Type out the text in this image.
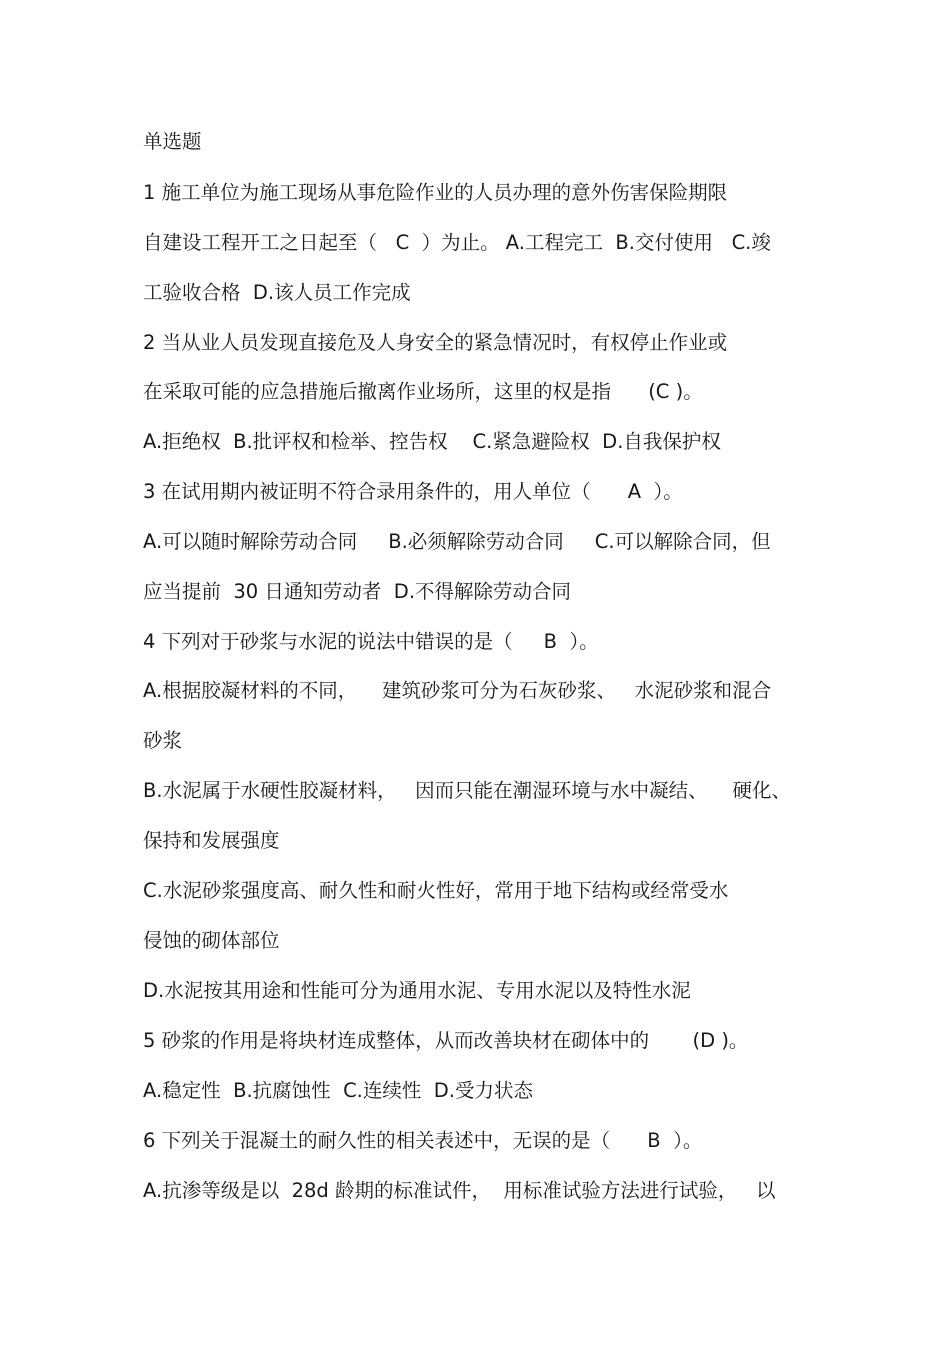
单选题
1 施工单位为施工现场从事危险作业的人员办理的意外伤害保险期限
自建设工程开工之日起至（   C  ）为止。 A.工程完工  B.交付使用   C.竣
工验收合格  D.该人员工作完成
2 当从业人员发现直接危及人身安全的紧急情况时，有权停止作业或
在采取可能的应急措施后撤离作业场所，这里的权是指      (C )。
A.拒绝权  B.批评权和检举、控告权    C.紧急避险权  D.自我保护权
3 在试用期内被证明不符合录用条件的，用人单位（      A  ）。
A.可以随时解除劳动合同     B.必须解除劳动合同     C.可以解除合同，但
应当提前  30 日通知劳动者  D.不得解除劳动合同
4 下列对于砂浆与水泥的说法中错误的是（     B  ）。
A.根据胶凝材料的不同，    建筑砂浆可分为石灰砂浆、   水泥砂浆和混合
砂浆
B.水泥属于水硬性胶凝材料，   因而只能在潮湿环境与水中凝结、    硬化、
保持和发展强度
C.水泥砂浆强度高、耐久性和耐火性好，常用于地下结构或经常受水
侵蚀的砌体部位
D.水泥按其用途和性能可分为通用水泥、专用水泥以及特性水泥
5 砂浆的作用是将块材连成整体，从而改善块材在砌体中的       (D )。
A.稳定性  B.抗腐蚀性  C.连续性  D.受力状态
6 下列关于混凝土的耐久性的相关表述中，无误的是（      B  ）。
A.抗渗等级是以  28d 龄期的标准试件，  用标准试验方法进行试验，   以
